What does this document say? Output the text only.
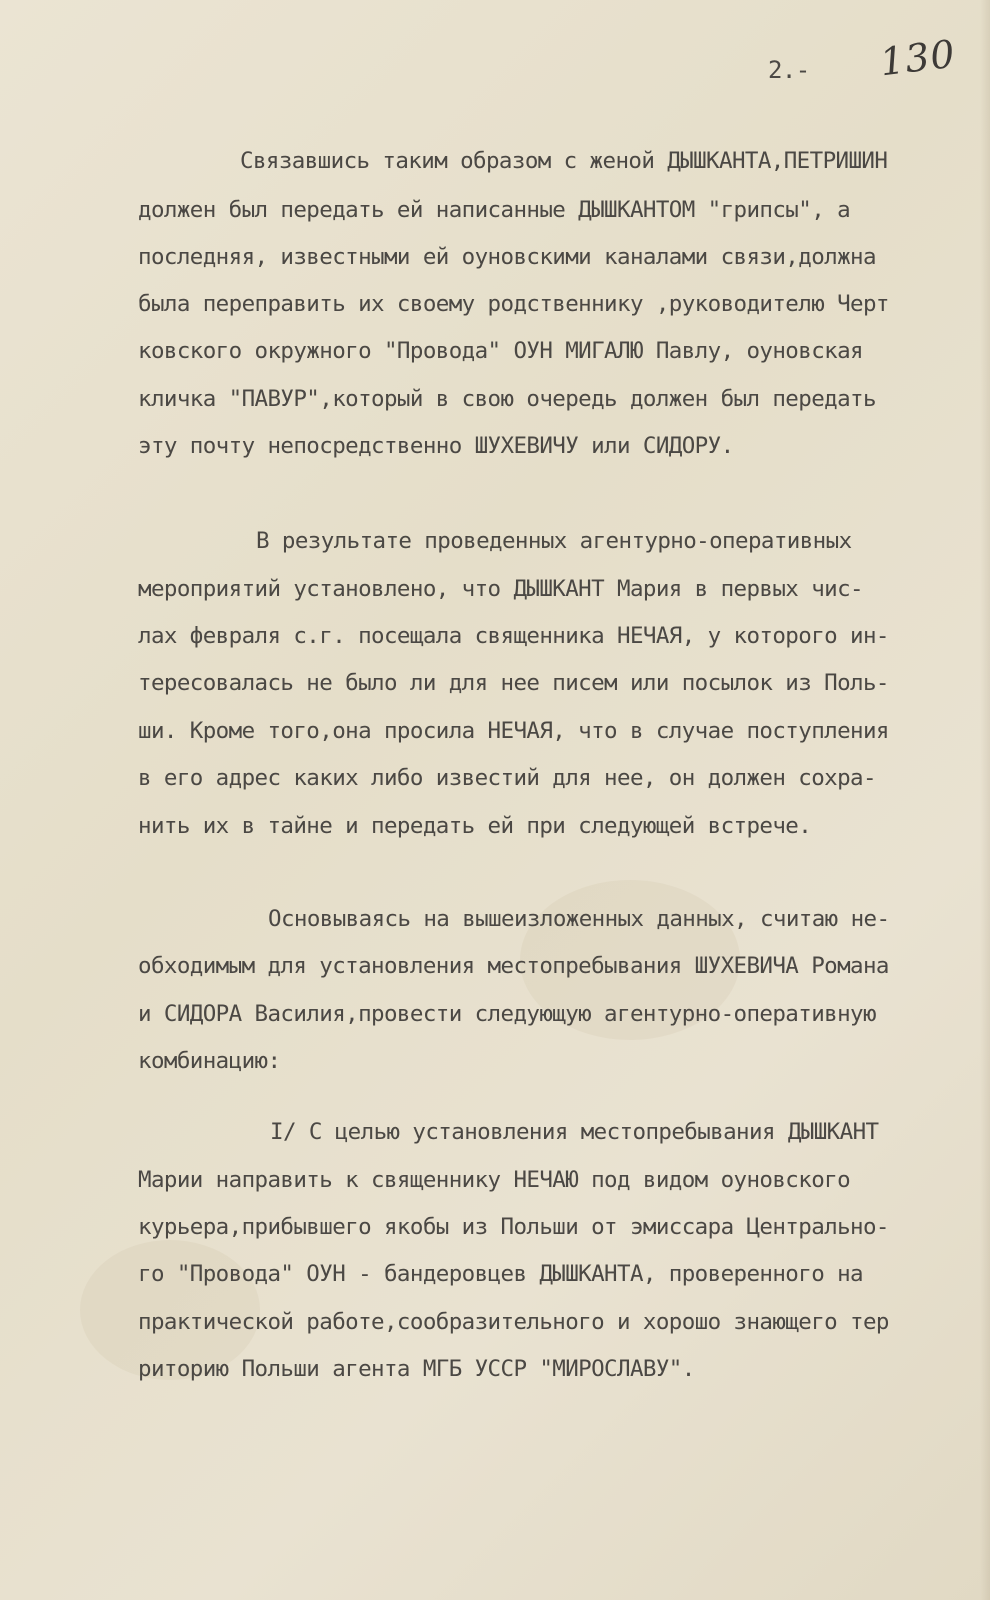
2.- 130
Связавшись таким образом с женой ДЫШКАНТА,ПЕТРИШИН
должен был передать ей написанные ДЫШКАНТОМ "грипсы", а
последняя, известными ей оуновскими каналами связи,должна
была переправить их своему родственнику ,руководителю Черт
ковского окружного "Провода" ОУН МИГАЛЮ Павлу, оуновская
кличка "ПАВУР",который в свою очередь должен был передать
эту почту непосредственно ШУХЕВИЧУ или СИДОРУ.
В результате проведенных агентурно-оперативных
мероприятий установлено, что ДЫШКАНТ Мария в первых чис-
лах февраля с.г. посещала священника НЕЧАЯ, у которого ин-
тересовалась не было ли для нее писем или посылок из Поль-
ши. Кроме того,она просила НЕЧАЯ, что в случае поступления
в его адрес каких либо известий для нее, он должен сохра-
нить их в тайне и передать ей при следующей встрече.
Основываясь на вышеизложенных данных, считаю не-
обходимым для установления местопребывания ШУХЕВИЧА Романа
и СИДОРА Василия,провести следующую агентурно-оперативную
комбинацию:
I/ С целью установления местопребывания ДЫШКАНТ
Марии направить к священнику НЕЧАЮ под видом оуновского
курьера,прибывшего якобы из Польши от эмиссара Центрально-
го "Провода" ОУН - бандеровцев ДЫШКАНТА, проверенного на
практической работе,сообразительного и хорошо знающего тер
риторию Польши агента МГБ УССР "МИРОСЛАВУ".
